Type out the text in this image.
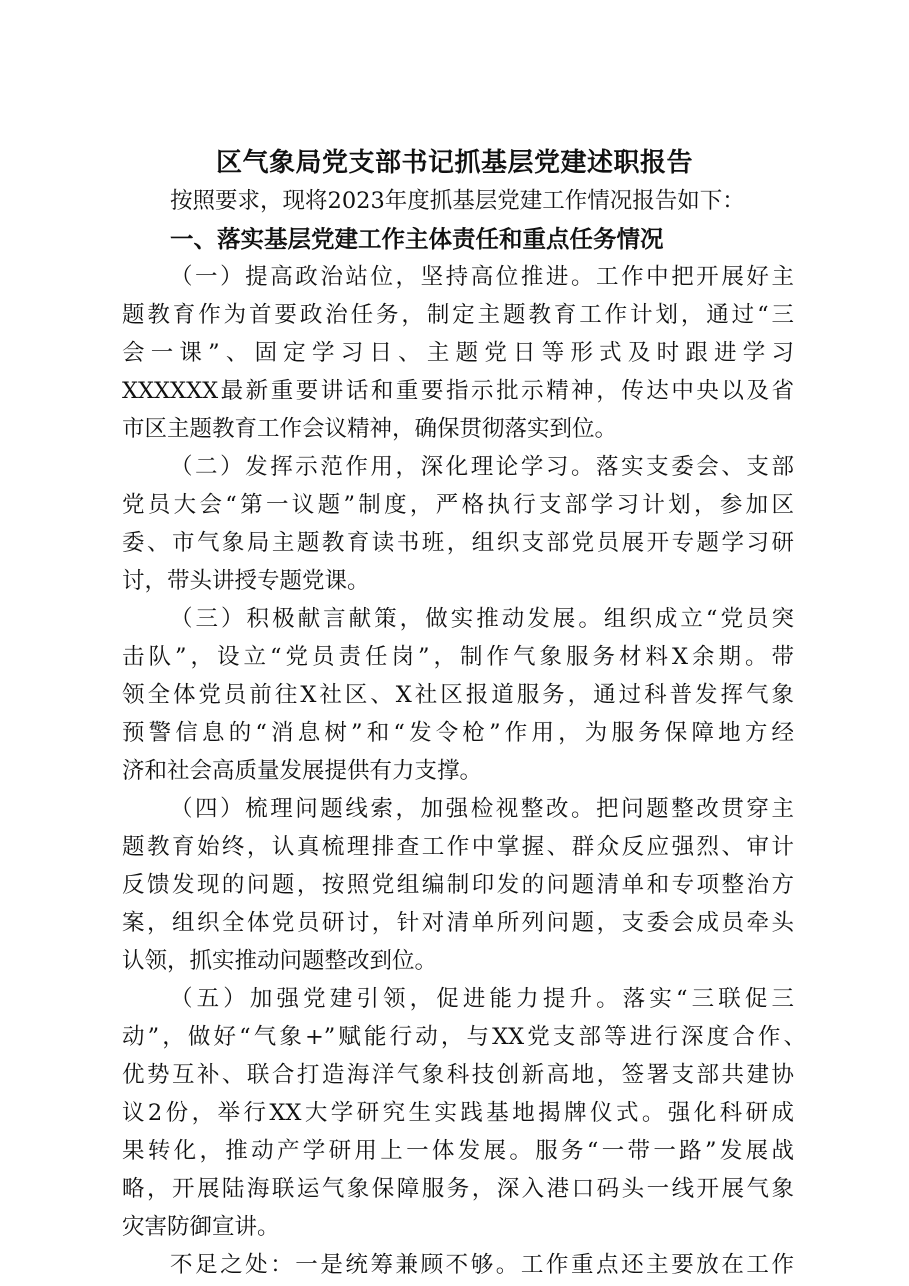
区气象局党支部书记抓基层党建述职报告
按照要求，现将2023年度抓基层党建工作情况报告如下：
一、落实基层党建工作主体责任和重点任务情况
（一）提高政治站位，坚持高位推进。工作中把开展好主
题教育作为首要政治任务，制定主题教育工作计划，通过“三
会一课”、固定学习日、主题党日等形式及时跟进学习
XXXXXX最新重要讲话和重要指示批示精神，传达中央以及省
市区主题教育工作会议精神，确保贯彻落实到位。
（二）发挥示范作用，深化理论学习。落实支委会、支部
党员大会“第一议题”制度，严格执行支部学习计划，参加区
委、市气象局主题教育读书班，组织支部党员展开专题学习研
讨，带头讲授专题党课。
（三）积极献言献策，做实推动发展。组织成立“党员突
击队”，设立“党员责任岗”，制作气象服务材料X余期。带
领全体党员前往X社区、X社区报道服务，通过科普发挥气象
预警信息的“消息树”和“发令枪”作用，为服务保障地方经
济和社会高质量发展提供有力支撑。
（四）梳理问题线索，加强检视整改。把问题整改贯穿主
题教育始终，认真梳理排查工作中掌握、群众反应强烈、审计
反馈发现的问题，按照党组编制印发的问题清单和专项整治方
案，组织全体党员研讨，针对清单所列问题，支委会成员牵头
认领，抓实推动问题整改到位。
（五）加强党建引领，促进能力提升。落实“三联促三
动”，做好“气象+”赋能行动，与XX党支部等进行深度合作、
优势互补、联合打造海洋气象科技创新高地，签署支部共建协
议2份，举行XX大学研究生实践基地揭牌仪式。强化科研成
果转化，推动产学研用上一体发展。服务“一带一路”发展战
略，开展陆海联运气象保障服务，深入港口码头一线开展气象
灾害防御宣讲。
不足之处：一是统筹兼顾不够。工作重点还主要放在工作
